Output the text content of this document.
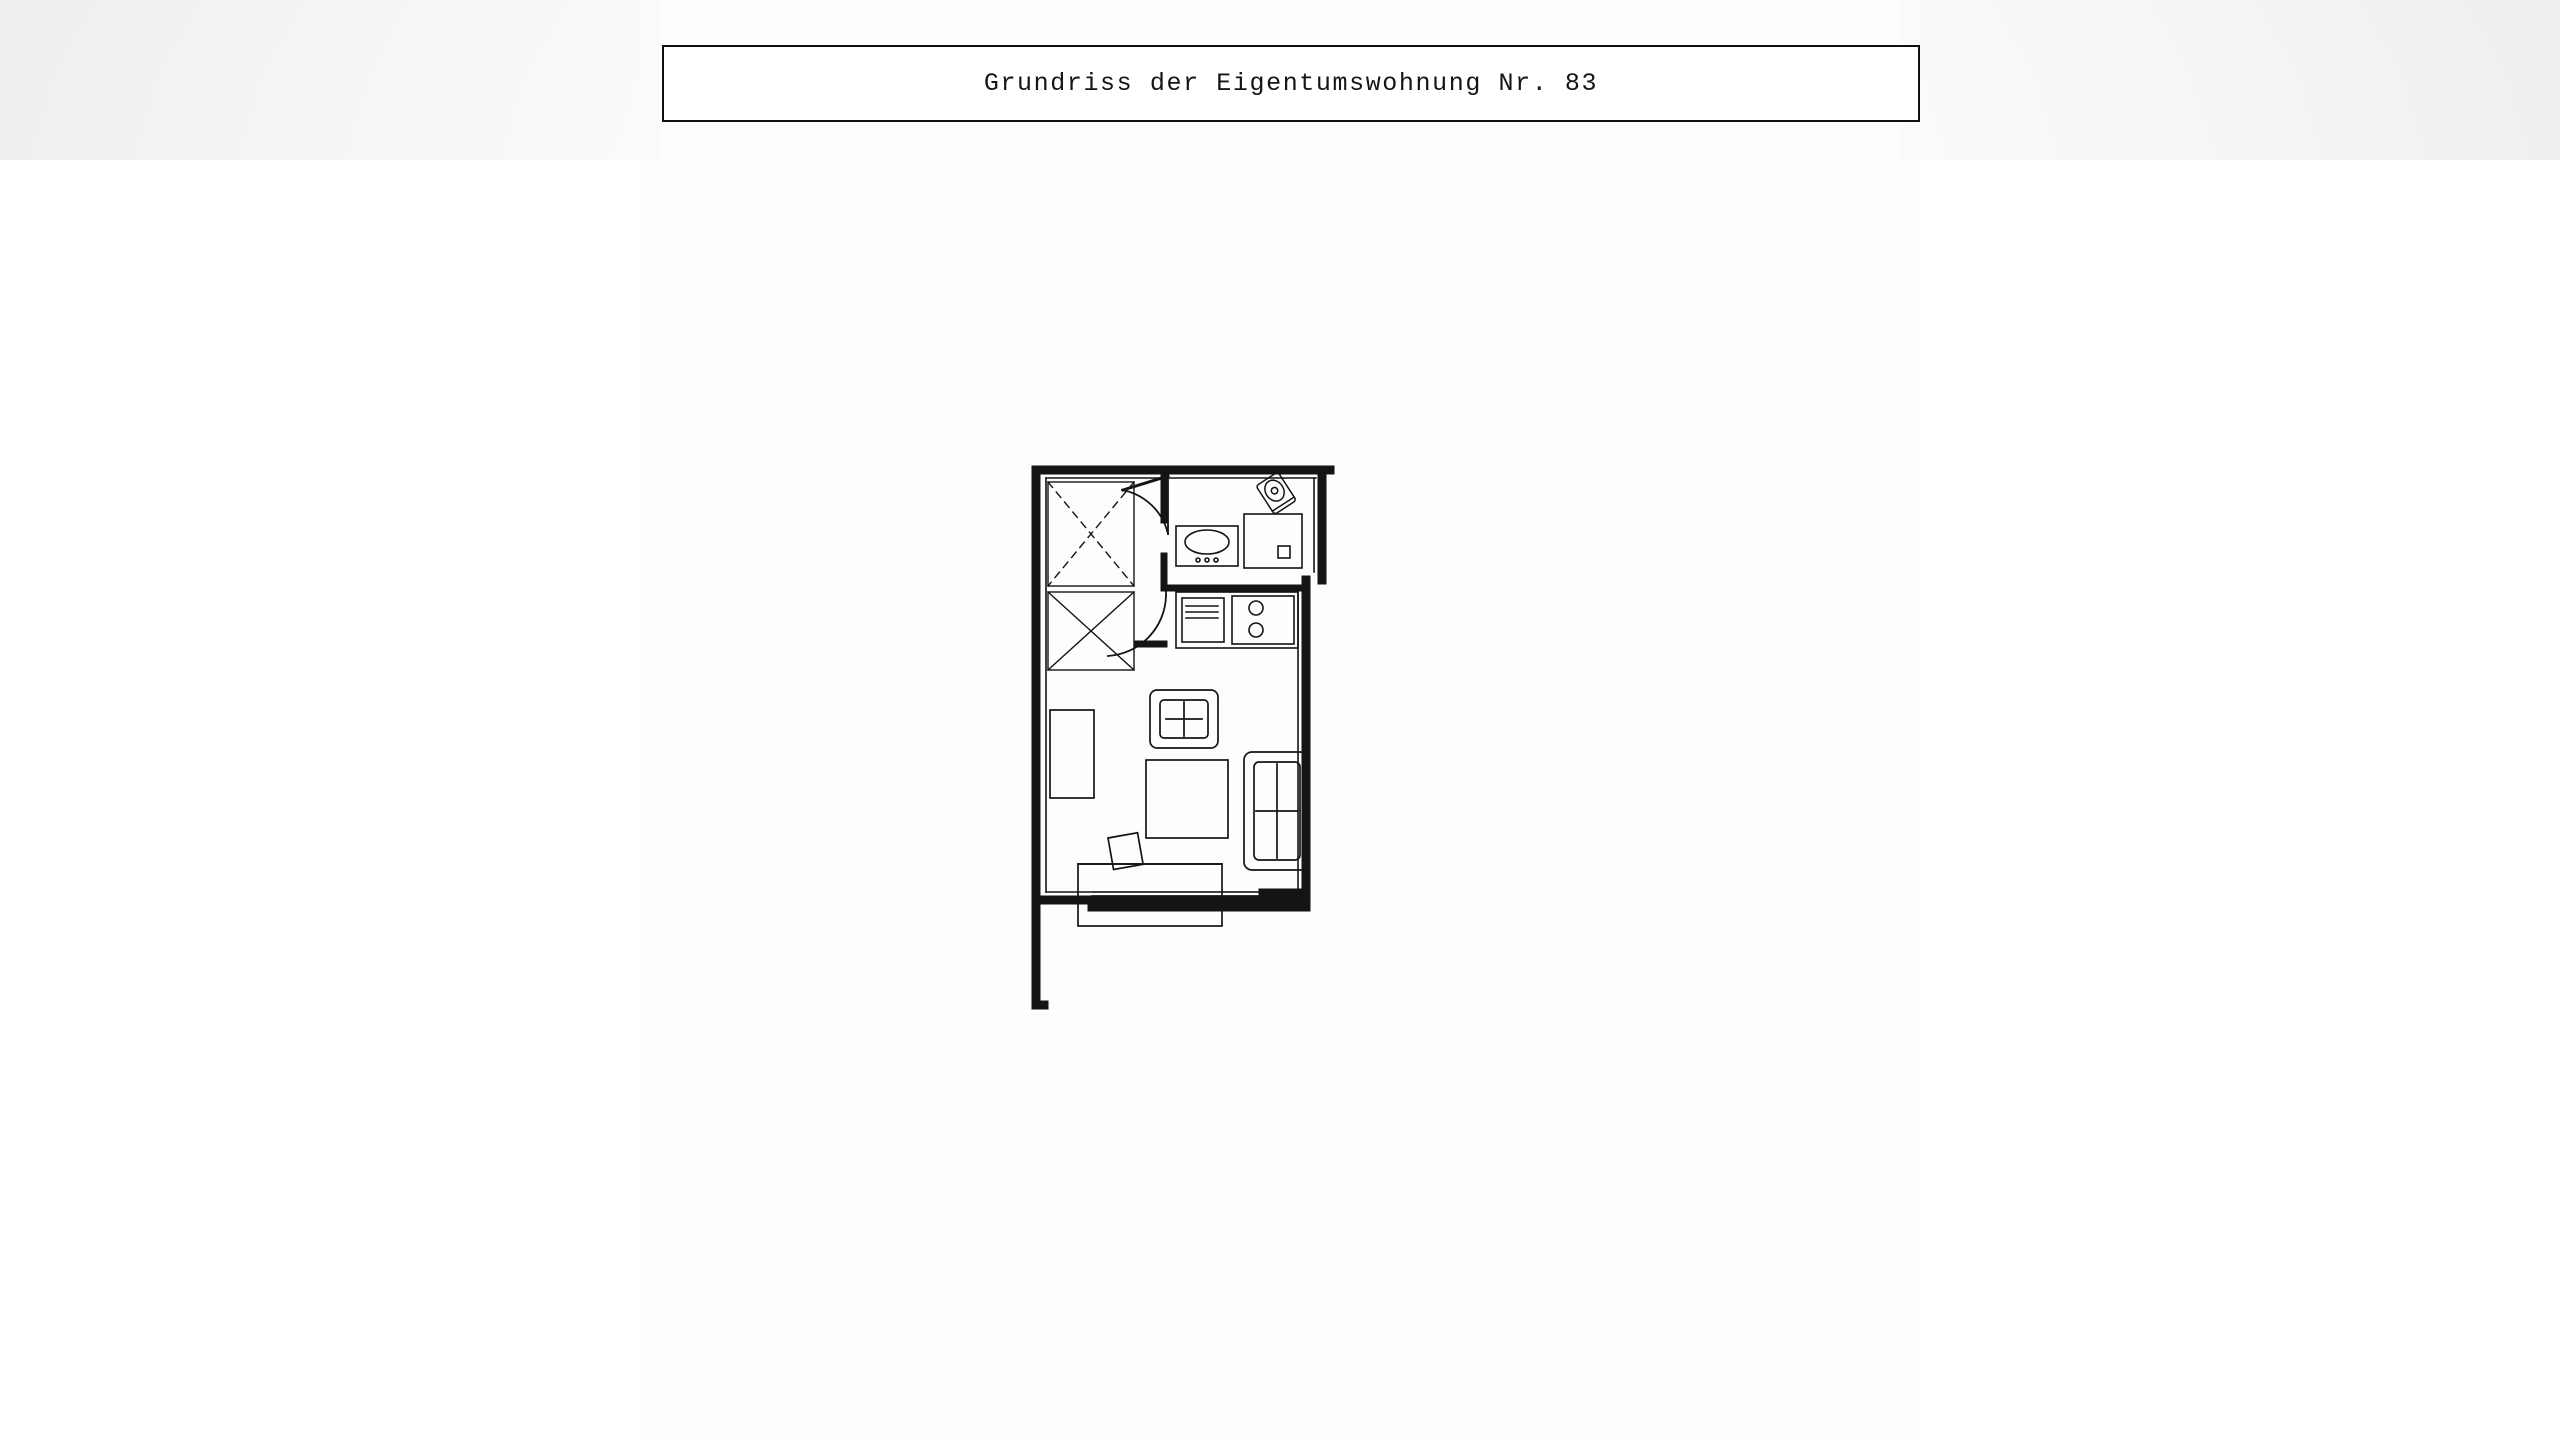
Grundriss der Eigentumswohnung Nr. 83
